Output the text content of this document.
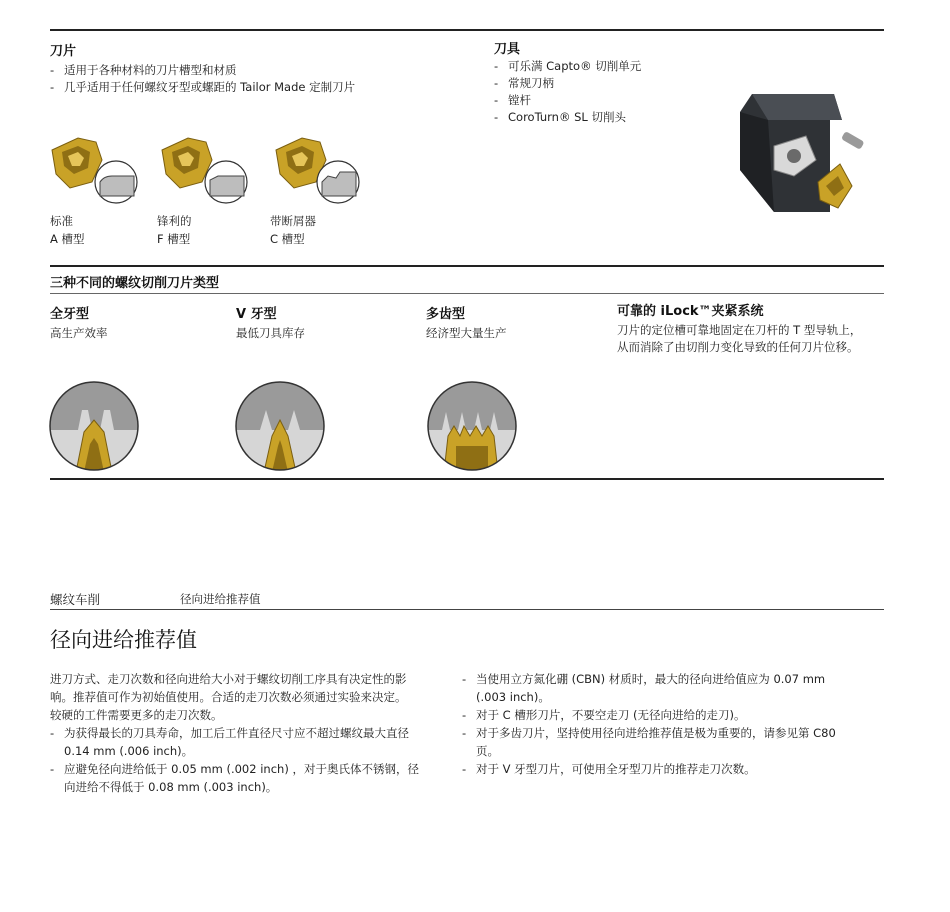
刀片
- 适用于各种材料的刀片槽型和材质
- 几乎适用于任何螺纹牙型或螺距的 Tailor Made 定制刀片
标准
A 槽型
锋利的
F 槽型
带断屑器
C 槽型
刀具
- 可乐满 Capto® 切削单元
- 常规刀柄
- 镗杆
- CoroTurn® SL 切削头
三种不同的螺纹切削刀片类型
全牙型
高生产效率
V 牙型
最低刀具库存
多齿型
经济型大量生产
可靠的 iLock™夹紧系统
刀片的定位槽可靠地固定在刀杆的 T 型导轨上，
从而消除了由切削力变化导致的任何刀片位移。
螺纹车削	径向进给推荐值
径向进给推荐值
进刀方式、走刀次数和径向进给大小对于螺纹切削工序具有决定性的影
响。推荐值可作为初始值使用。合适的走刀次数必须通过实验来决定。
较硬的工件需要更多的走刀次数。
- 为获得最长的刀具寿命，加工后工件直径尺寸应不超过螺纹最大直径
0.14 mm (.006 inch)。
- 应避免径向进给低于 0.05 mm (.002 inch) ，对于奥氏体不锈钢，径
向进给不得低于 0.08 mm (.003 inch)。
- 当使用立方氮化硼 (CBN) 材质时，最大的径向进给值应为 0.07 mm
(.003 inch)。
- 对于 C 槽形刀片，不要空走刀 (无径向进给的走刀)。
- 对于多齿刀片，坚持使用径向进给推荐值是极为重要的，请参见第 C80
页。
- 对于 V 牙型刀片，可使用全牙型刀片的推荐走刀次数。
